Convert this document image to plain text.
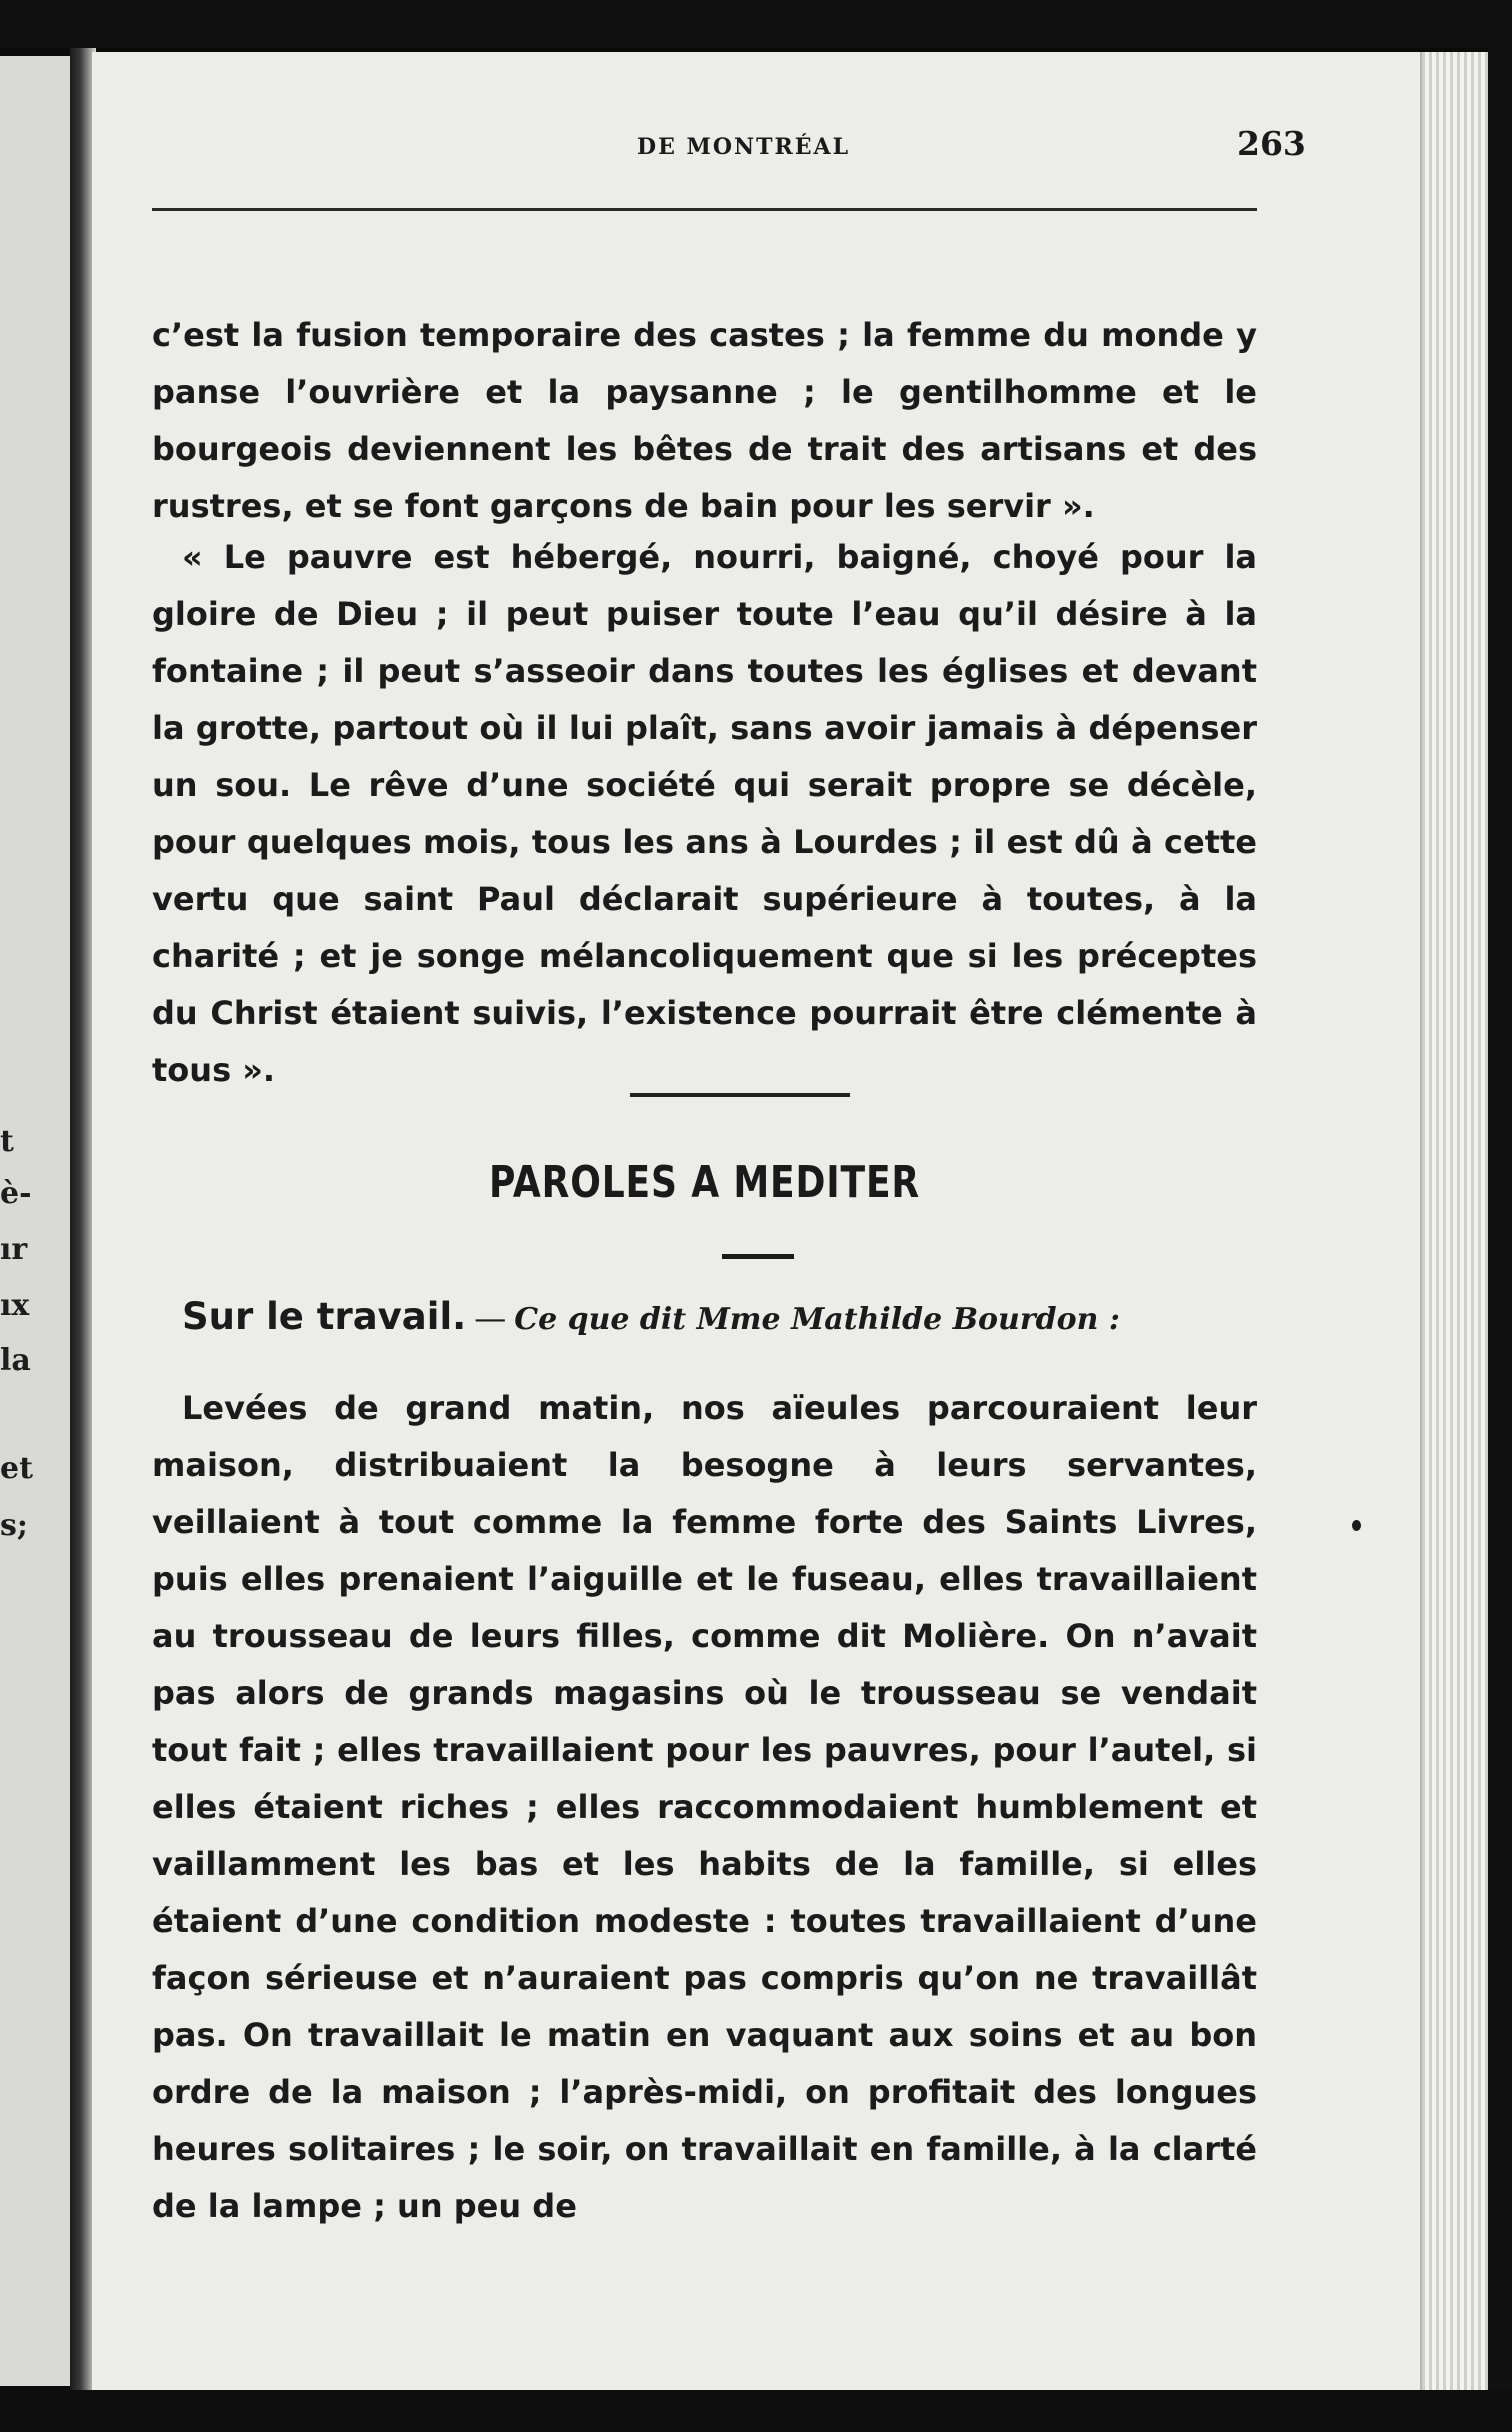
t
è-
ır
ıx
la
et
s;
DE MONTRÉAL	263

c’est la fusion temporaire des castes ; la femme du monde y panse l’ouvrière et la paysanne ; le gentilhomme et le bourgeois deviennent les bêtes de trait des artisans et des rustres, et se font garçons de bain pour les servir ».

« Le pauvre est hébergé, nourri, baigné, choyé pour la gloire de Dieu ; il peut puiser toute l’eau qu’il désire à la fontaine ; il peut s’asseoir dans toutes les églises et devant la grotte, partout où il lui plaît, sans avoir jamais à dépenser un sou. Le rêve d’une société qui serait propre se décèle, pour quelques mois, tous les ans à Lourdes ; il est dû à cette vertu que saint Paul déclarait supérieure à toutes, à la charité ; et je songe mélancoliquement que si les préceptes du Christ étaient suivis, l’existence pourrait être clémente à tous ».

PAROLES A MEDITER
Sur le travail. — Ce que dit Mme Mathilde Bourdon :

Levées de grand matin, nos aïeules parcouraient leur maison, distribuaient la besogne à leurs servantes, veillaient à tout comme la femme forte des Saints Livres, puis elles prenaient l’aiguille et le fuseau, elles travaillaient au trousseau de leurs filles, comme dit Molière. On n’avait pas alors de grands magasins où le trousseau se vendait tout fait ; elles travaillaient pour les pauvres, pour l’autel, si elles étaient riches ; elles raccommodaient humblement et vaillamment les bas et les habits de la famille, si elles étaient d’une condition modeste : toutes travaillaient d’une façon sérieuse et n’auraient pas compris qu’on ne travaillât pas. On travaillait le matin en vaquant aux soins et au bon ordre de la maison ; l’après-midi, on profitait des longues heures solitaires ; le soir, on travaillait en famille, à la clarté de la lampe ; un peu de
